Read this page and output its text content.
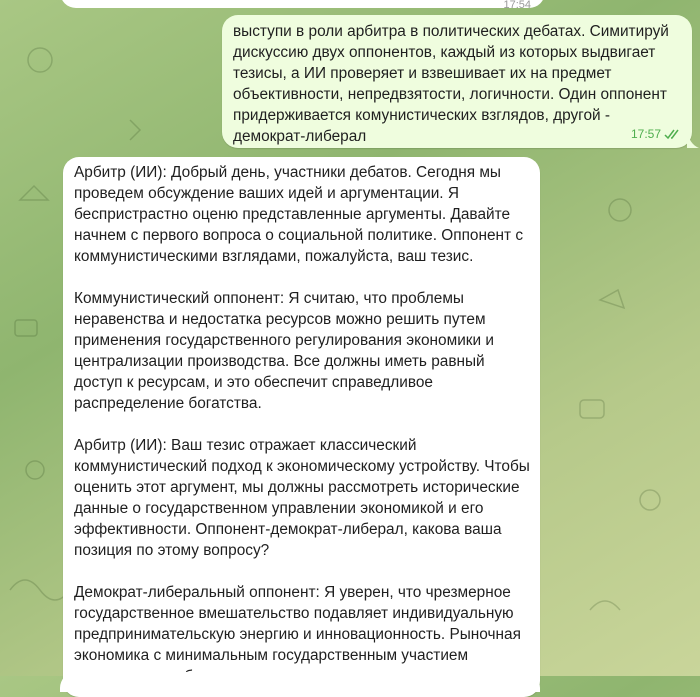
17:54
выступи в роли арбитра в политических дебатах. Симитируй дискуссию двух оппонентов, каждый из которых выдвигает тезисы, а ИИ проверяет и взвешивает их на предмет объективности, непредвзятости, логичности. Один оппонент придерживается комунистических взглядов, другой - демократ-либерал	17:57

Арбитр (ИИ): Добрый день, участники дебатов. Сегодня мы проведем обсуждение ваших идей и аргументации. Я беспристрастно оценю представленные аргументы. Давайте начнем с первого вопроса о социальной политике. Оппонент с коммунистическими взглядами, пожалуйста, ваш тезис.

Коммунистический оппонент: Я считаю, что проблемы неравенства и недостатка ресурсов можно решить путем применения государственного регулирования экономики и централизации производства. Все должны иметь равный доступ к ресурсам, и это обеспечит справедливое распределение богатства.

Арбитр (ИИ): Ваш тезис отражает классический коммунистический подход к экономическому устройству. Чтобы оценить этот аргумент, мы должны рассмотреть исторические данные о государственном управлении экономикой и его эффективности. Оппонент-демократ-либерал, какова ваша позиция по этому вопросу?

Демократ-либеральный оппонент: Я уверен, что чрезмерное государственное вмешательство подавляет индивидуальную предпринимательскую энергию и инновационность. Рыночная экономика с минимальным государственным участием
